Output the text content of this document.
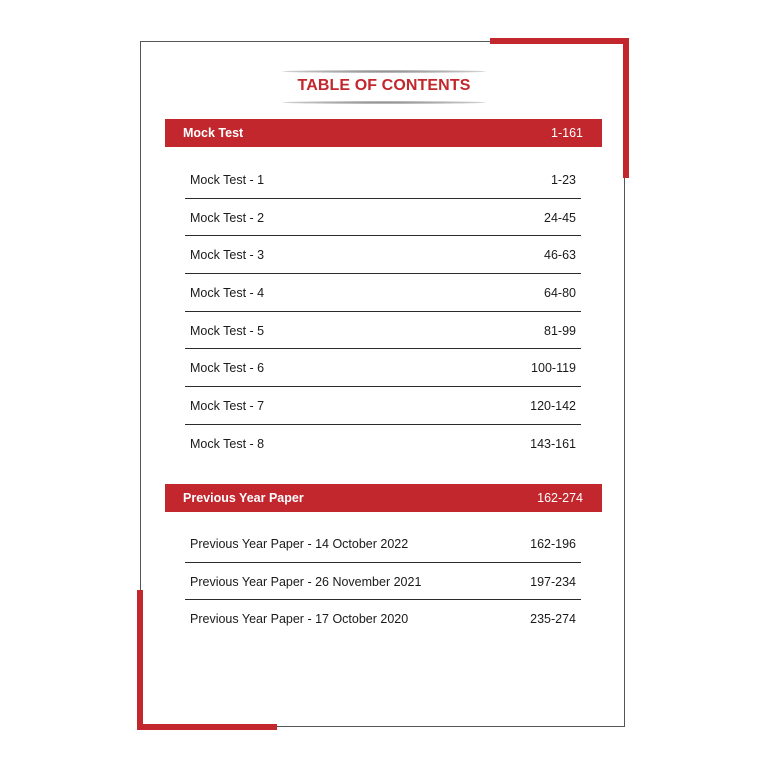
TABLE OF CONTENTS
Mock Test	1-161
Mock Test - 1	1-23
Mock Test - 2	24-45
Mock Test - 3	46-63
Mock Test - 4	64-80
Mock Test - 5	81-99
Mock Test - 6	100-119
Mock Test - 7	120-142
Mock Test - 8	143-161
Previous Year Paper	162-274
Previous Year Paper - 14 October 2022	162-196
Previous Year Paper - 26 November 2021	197-234
Previous Year Paper - 17 October 2020	235-274
